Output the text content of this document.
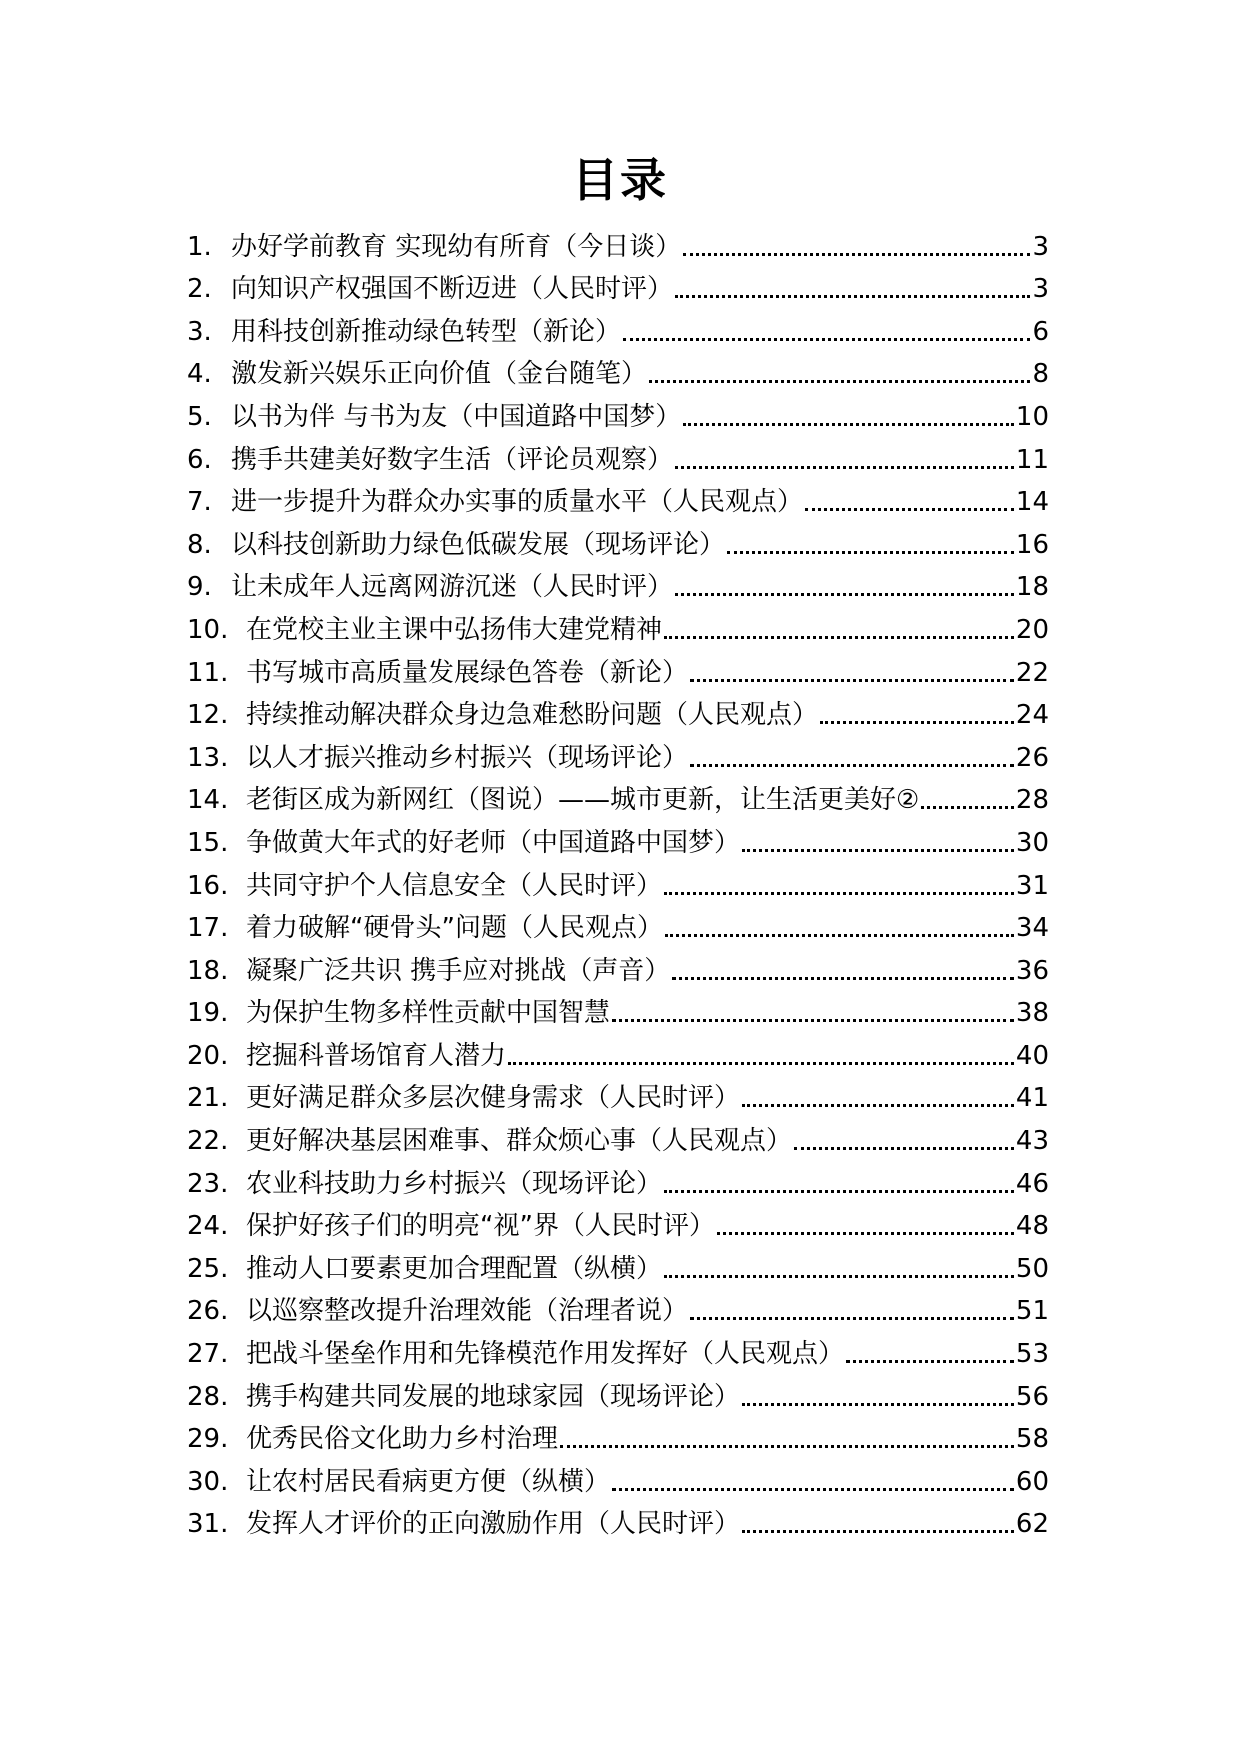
目录
1. 办好学前教育 实现幼有所育（今日谈）	3
2. 向知识产权强国不断迈进（人民时评）	3
3. 用科技创新推动绿色转型（新论）	6
4. 激发新兴娱乐正向价值（金台随笔）	8
5. 以书为伴 与书为友（中国道路中国梦）	10
6. 携手共建美好数字生活（评论员观察）	11
7. 进一步提升为群众办实事的质量水平（人民观点）	14
8. 以科技创新助力绿色低碳发展（现场评论）	16
9. 让未成年人远离网游沉迷（人民时评）	18
10. 在党校主业主课中弘扬伟大建党精神	20
11. 书写城市高质量发展绿色答卷（新论）	22
12. 持续推动解决群众身边急难愁盼问题（人民观点）	24
13. 以人才振兴推动乡村振兴（现场评论）	26
14. 老街区成为新网红（图说）——城市更新，让生活更美好②	28
15. 争做黄大年式的好老师（中国道路中国梦）	30
16. 共同守护个人信息安全（人民时评）	31
17. 着力破解“硬骨头”问题（人民观点）	34
18. 凝聚广泛共识 携手应对挑战（声音）	36
19. 为保护生物多样性贡献中国智慧	38
20. 挖掘科普场馆育人潜力	40
21. 更好满足群众多层次健身需求（人民时评）	41
22. 更好解决基层困难事、群众烦心事（人民观点）	43
23. 农业科技助力乡村振兴（现场评论）	46
24. 保护好孩子们的明亮“视”界（人民时评）	48
25. 推动人口要素更加合理配置（纵横）	50
26. 以巡察整改提升治理效能（治理者说）	51
27. 把战斗堡垒作用和先锋模范作用发挥好（人民观点）	53
28. 携手构建共同发展的地球家园（现场评论）	56
29. 优秀民俗文化助力乡村治理	58
30. 让农村居民看病更方便（纵横）	60
31. 发挥人才评价的正向激励作用（人民时评）	62
